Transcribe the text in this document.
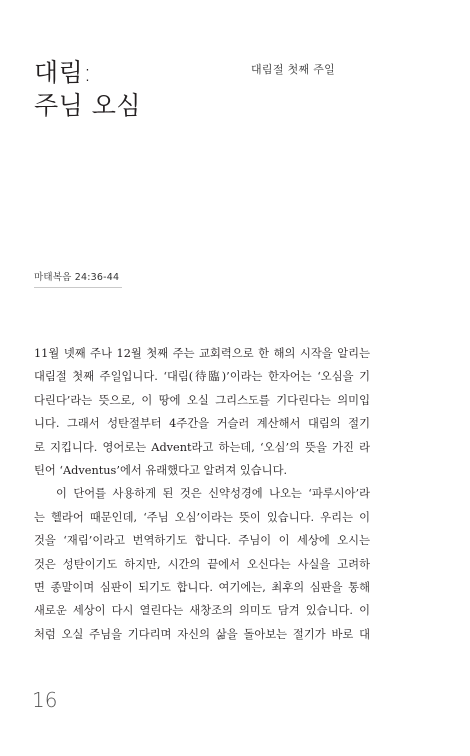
대림:
주님 오심
대림절 첫째 주일
마태복음 24:36-44
11월 넷째 주나 12월 첫째 주는 교회력으로 한 해의 시작을 알리는
대림절 첫째 주일입니다. ‘대림(待臨)’이라는 한자어는 ‘오심을 기
다린다’라는 뜻으로, 이 땅에 오실 그리스도를 기다린다는 의미입
니다. 그래서 성탄절부터 4주간을 거슬러 계산해서 대림의 절기
로 지킵니다. 영어로는 Advent라고 하는데, ‘오심’의 뜻을 가진 라
틴어 ‘Adventus’에서 유래했다고 알려져 있습니다.
이 단어를 사용하게 된 것은 신약성경에 나오는 ‘파루시아’라
는 헬라어 때문인데, ‘주님 오심’이라는 뜻이 있습니다. 우리는 이
것을 ‘재림’이라고 번역하기도 합니다. 주님이 이 세상에 오시는
것은 성탄이기도 하지만, 시간의 끝에서 오신다는 사실을 고려하
면 종말이며 심판이 되기도 합니다. 여기에는, 최후의 심판을 통해
새로운 세상이 다시 열린다는 새창조의 의미도 담겨 있습니다. 이
처럼 오실 주님을 기다리며 자신의 삶을 돌아보는 절기가 바로 대
16
